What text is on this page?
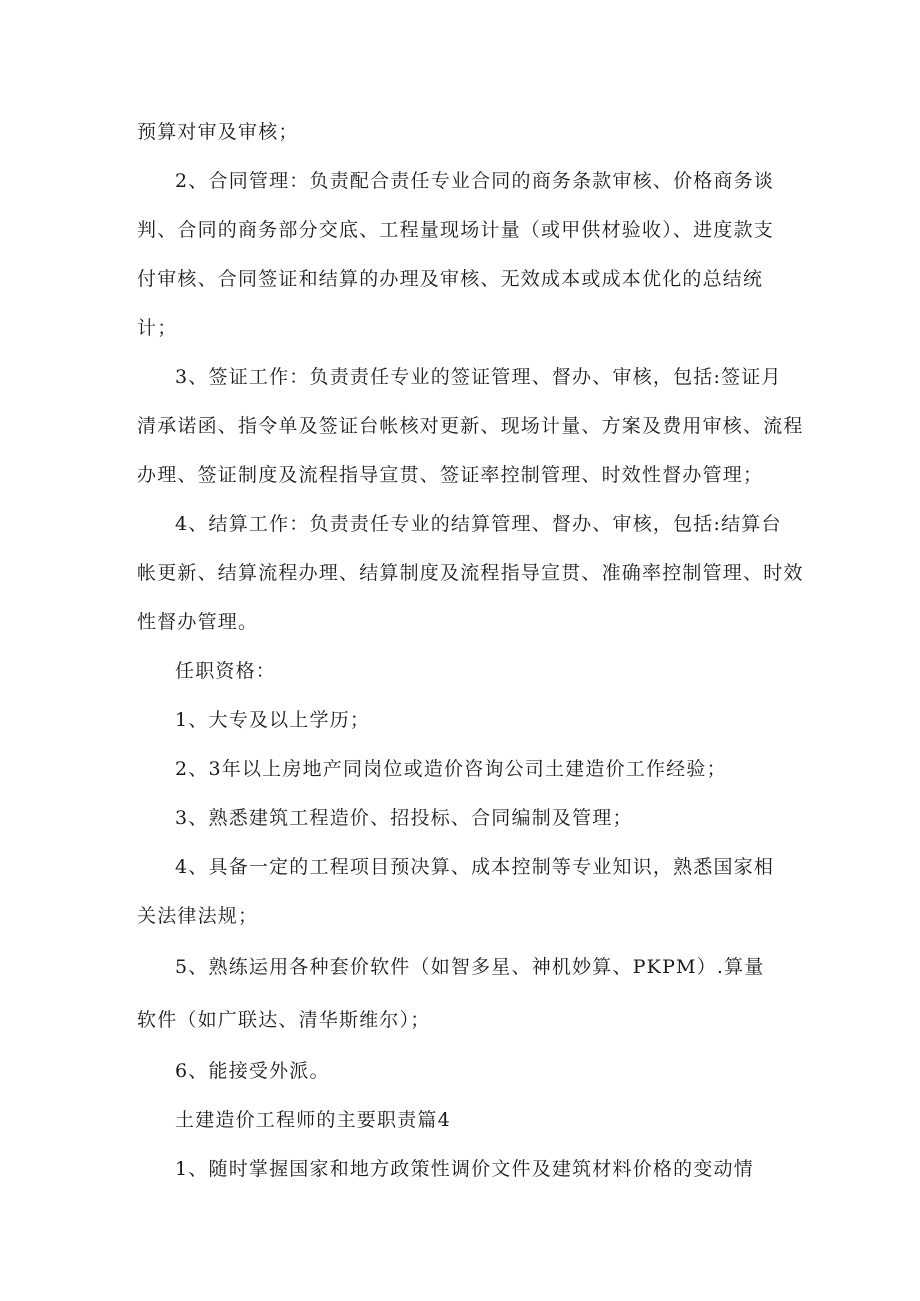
预算对审及审核；

2、合同管理：负责配合责任专业合同的商务条款审核、价格商务谈

判、合同的商务部分交底、工程量现场计量（或甲供材验收）、进度款支

付审核、合同签证和结算的办理及审核、无效成本或成本优化的总结统

计；

3、签证工作：负责责任专业的签证管理、督办、审核，包括:签证月

清承诺函、指令单及签证台帐核对更新、现场计量、方案及费用审核、流程

办理、签证制度及流程指导宣贯、签证率控制管理、时效性督办管理；

4、结算工作：负责责任专业的结算管理、督办、审核，包括:结算台

帐更新、结算流程办理、结算制度及流程指导宣贯、准确率控制管理、时效

性督办管理。

任职资格：

1、大专及以上学历；

2、3年以上房地产同岗位或造价咨询公司土建造价工作经验；

3、熟悉建筑工程造价、招投标、合同编制及管理；

4、具备一定的工程项目预决算、成本控制等专业知识，熟悉国家相

关法律法规；

5、熟练运用各种套价软件（如智多星、神机妙算、PKPM）.算量

软件（如广联达、清华斯维尔）；

6、能接受外派。

土建造价工程师的主要职责篇4

1、随时掌握国家和地方政策性调价文件及建筑材料价格的变动情
